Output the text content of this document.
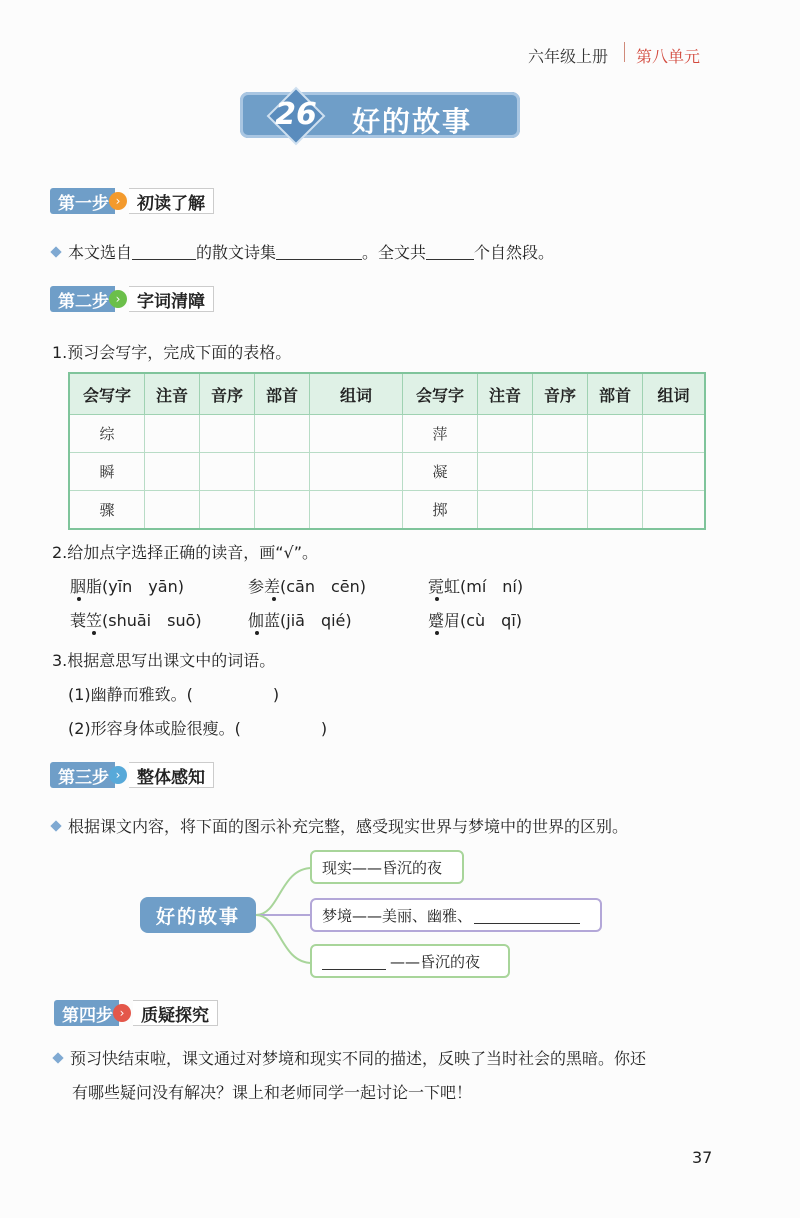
六年级上册 第八单元
26	好的故事
第一步 › 初读了解
本文选自	的散文诗集	。全文共	个自然段。
第二步 › 字词清障
1.预习会写字，完成下面的表格。
会写字	注音	音序	部首	组词	会写字	注音	音序	部首	组词
综					萍				
瞬					凝				
骤					掷				
2.给加点字选择正确的读音，画“√”。
胭脂(yīn　yān)	参差(cān　cēn)	霓虹(mí　ní)
蓑笠(shuāi　suō)	伽蓝(jiā　qié)	蹙眉(cù　qī)
3.根据意思写出课文中的词语。
(1)幽静而雅致。(	)
(2)形容身体或脸很瘦。(	)
第三步 › 整体感知
根据课文内容，将下面的图示补充完整，感受现实世界与梦境中的世界的区别。
好的故事
现实——昏沉的夜
梦境——美丽、幽雅、
——昏沉的夜
第四步 › 质疑探究
预习快结束啦，课文通过对梦境和现实不同的描述，反映了当时社会的黑暗。你还
有哪些疑问没有解决？课上和老师同学一起讨论一下吧！
37
